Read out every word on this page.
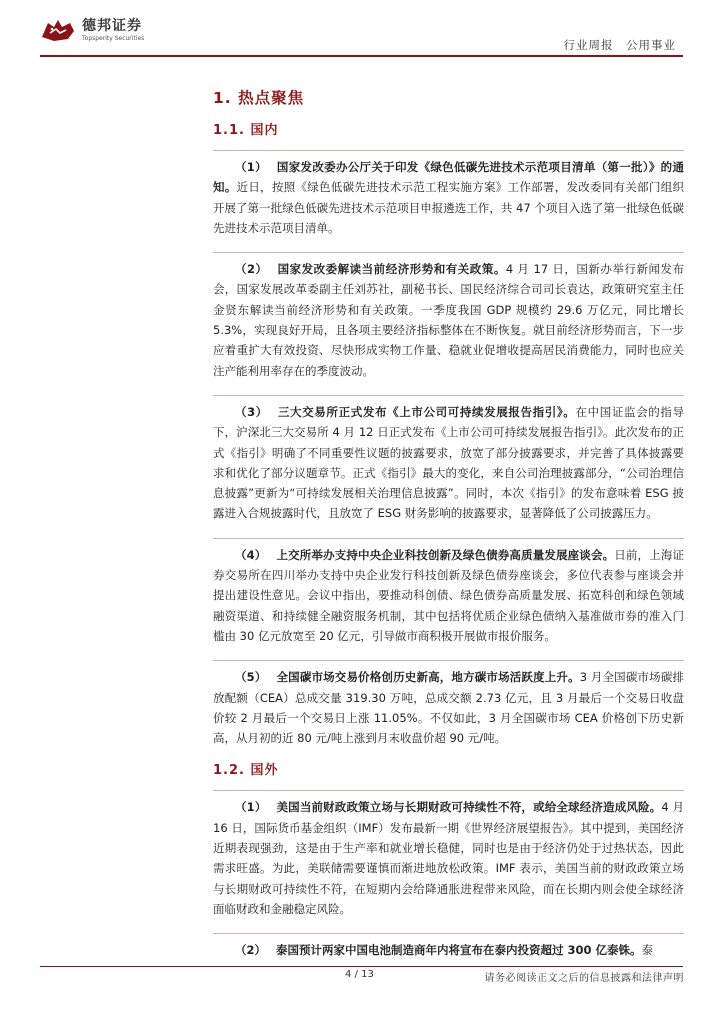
德邦证券
Topsperity Securities	行业周报　公用事业
1. 热点聚焦
1.1. 国内

（1） 国家发改委办公厅关于印发《绿色低碳先进技术示范项目清单（第一批）》的通知。近日，按照《绿色低碳先进技术示范工程实施方案》工作部署，发改委同有关部门组织开展了第一批绿色低碳先进技术示范项目申报遴选工作，共 47 个项目入选了第一批绿色低碳先进技术示范项目清单。

（2） 国家发改委解读当前经济形势和有关政策。4 月 17 日，国新办举行新闻发布会，国家发展改革委副主任刘苏社，副秘书长、国民经济综合司司长袁达，政策研究室主任金贤东解读当前经济形势和有关政策。一季度我国 GDP 规模约 29.6 万亿元，同比增长 5.3%，实现良好开局，且各项主要经济指标整体在不断恢复。就目前经济形势而言，下一步应着重扩大有效投资、尽快形成实物工作量、稳就业促增收提高居民消费能力，同时也应关注产能利用率存在的季度波动。

（3） 三大交易所正式发布《上市公司可持续发展报告指引》。在中国证监会的指导下，沪深北三大交易所 4 月 12 日正式发布《上市公司可持续发展报告指引》。此次发布的正式《指引》明确了不同重要性议题的披露要求，放宽了部分披露要求，并完善了具体披露要求和优化了部分议题章节。正式《指引》最大的变化，来自公司治理披露部分，“公司治理信息披露”更新为“可持续发展相关治理信息披露”。同时，本次《指引》的发布意味着 ESG 披露进入合规披露时代，且放宽了 ESG 财务影响的披露要求，显著降低了公司披露压力。

（4） 上交所举办支持中央企业科技创新及绿色债券高质量发展座谈会。日前，上海证券交易所在四川举办支持中央企业发行科技创新及绿色债券座谈会，多位代表参与座谈会并提出建设性意见。会议中指出，要推动科创债、绿色债券高质量发展、拓宽科创和绿色领域融资渠道、和持续健全融资服务机制，其中包括将优质企业绿色债纳入基准做市券的准入门槛由 30 亿元放宽至 20 亿元，引导做市商积极开展做市报价服务。

（5） 全国碳市场交易价格创历史新高，地方碳市场活跃度上升。3 月全国碳市场碳排放配额（CEA）总成交量 319.30 万吨，总成交额 2.73 亿元，且 3 月最后一个交易日收盘价较 2 月最后一个交易日上涨 11.05%。不仅如此，3 月全国碳市场 CEA 价格创下历史新高，从月初的近 80 元/吨上涨到月末收盘价超 90 元/吨。

1.2. 国外

（1） 美国当前财政政策立场与长期财政可持续性不符，或给全球经济造成风险。4 月 16 日，国际货币基金组织（IMF）发布最新一期《世界经济展望报告》。其中提到，美国经济近期表现强劲，这是由于生产率和就业增长稳健，同时也是由于经济仍处于过热状态，因此需求旺盛。为此，美联储需要谨慎而渐进地放松政策。IMF 表示，美国当前的财政政策立场与长期财政可持续性不符，在短期内会给降通胀进程带来风险，而在长期内则会使全球经济面临财政和金融稳定风险。

（2） 泰国预计两家中国电池制造商年内将宣布在泰内投资超过 300 亿泰铢。泰

4 / 13	请务必阅读正文之后的信息披露和法律声明
